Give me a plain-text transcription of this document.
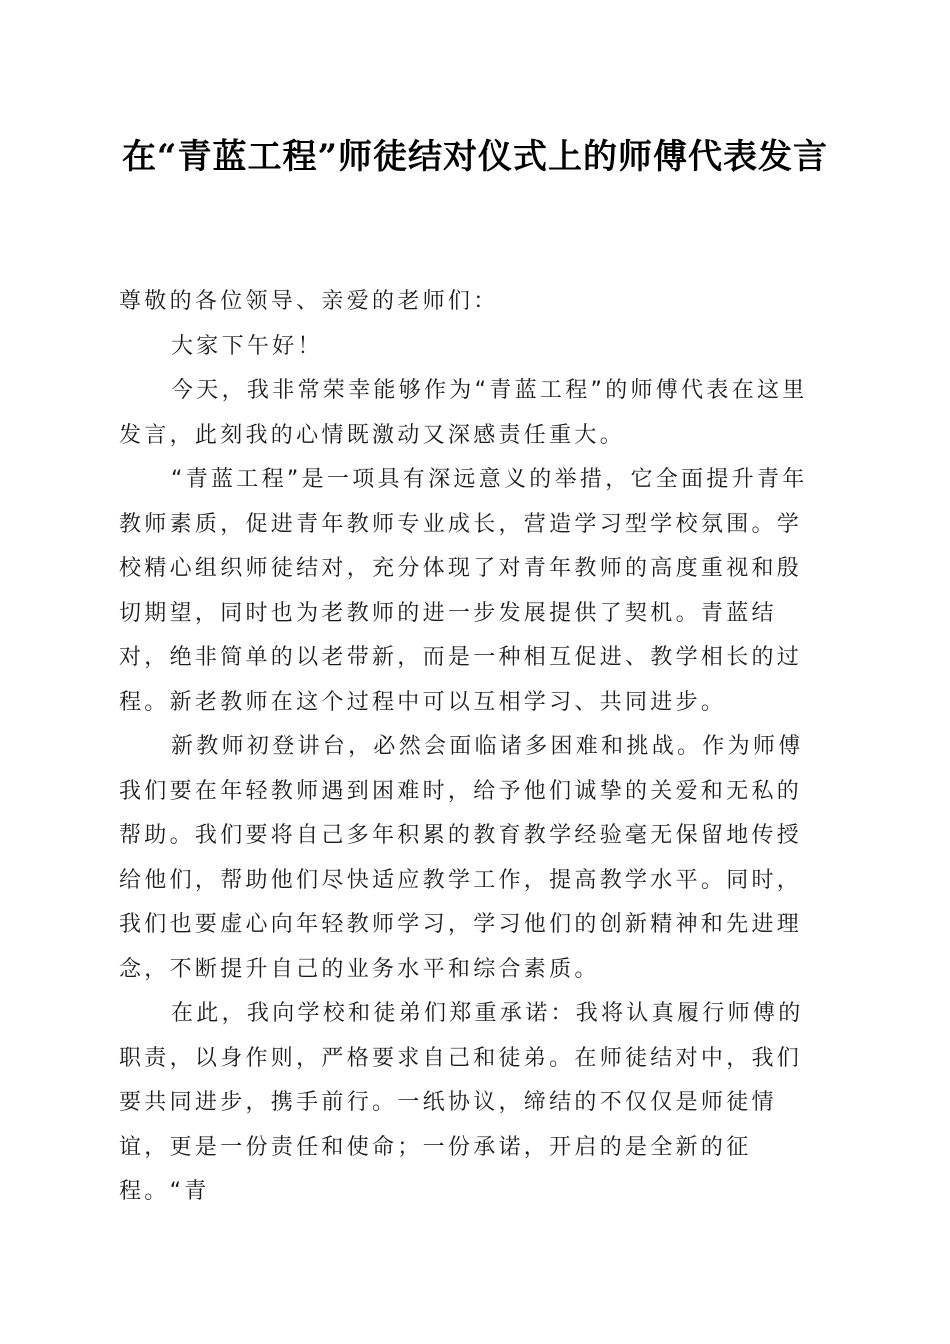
在“青蓝工程”师徒结对仪式上的师傅代表发言

尊敬的各位领导、亲爱的老师们：

大家下午好！

今天，我非常荣幸能够作为“青蓝工程”的师傅代表在这里发言，此刻我的心情既激动又深感责任重大。

“青蓝工程”是一项具有深远意义的举措，它全面提升青年教师素质，促进青年教师专业成长，营造学习型学校氛围。学校精心组织师徒结对，充分体现了对青年教师的高度重视和殷切期望，同时也为老教师的进一步发展提供了契机。青蓝结对，绝非简单的以老带新，而是一种相互促进、教学相长的过程。新老教师在这个过程中可以互相学习、共同进步。

新教师初登讲台，必然会面临诸多困难和挑战。作为师傅我们要在年轻教师遇到困难时，给予他们诚挚的关爱和无私的帮助。我们要将自己多年积累的教育教学经验毫无保留地传授给他们，帮助他们尽快适应教学工作，提高教学水平。同时，我们也要虚心向年轻教师学习，学习他们的创新精神和先进理念，不断提升自己的业务水平和综合素质。

在此，我向学校和徒弟们郑重承诺：我将认真履行师傅的职责，以身作则，严格要求自己和徒弟。在师徒结对中，我们要共同进步，携手前行。一纸协议，缔结的不仅仅是师徒情谊，更是一份责任和使命；一份承诺，开启的是全新的征程。“青
